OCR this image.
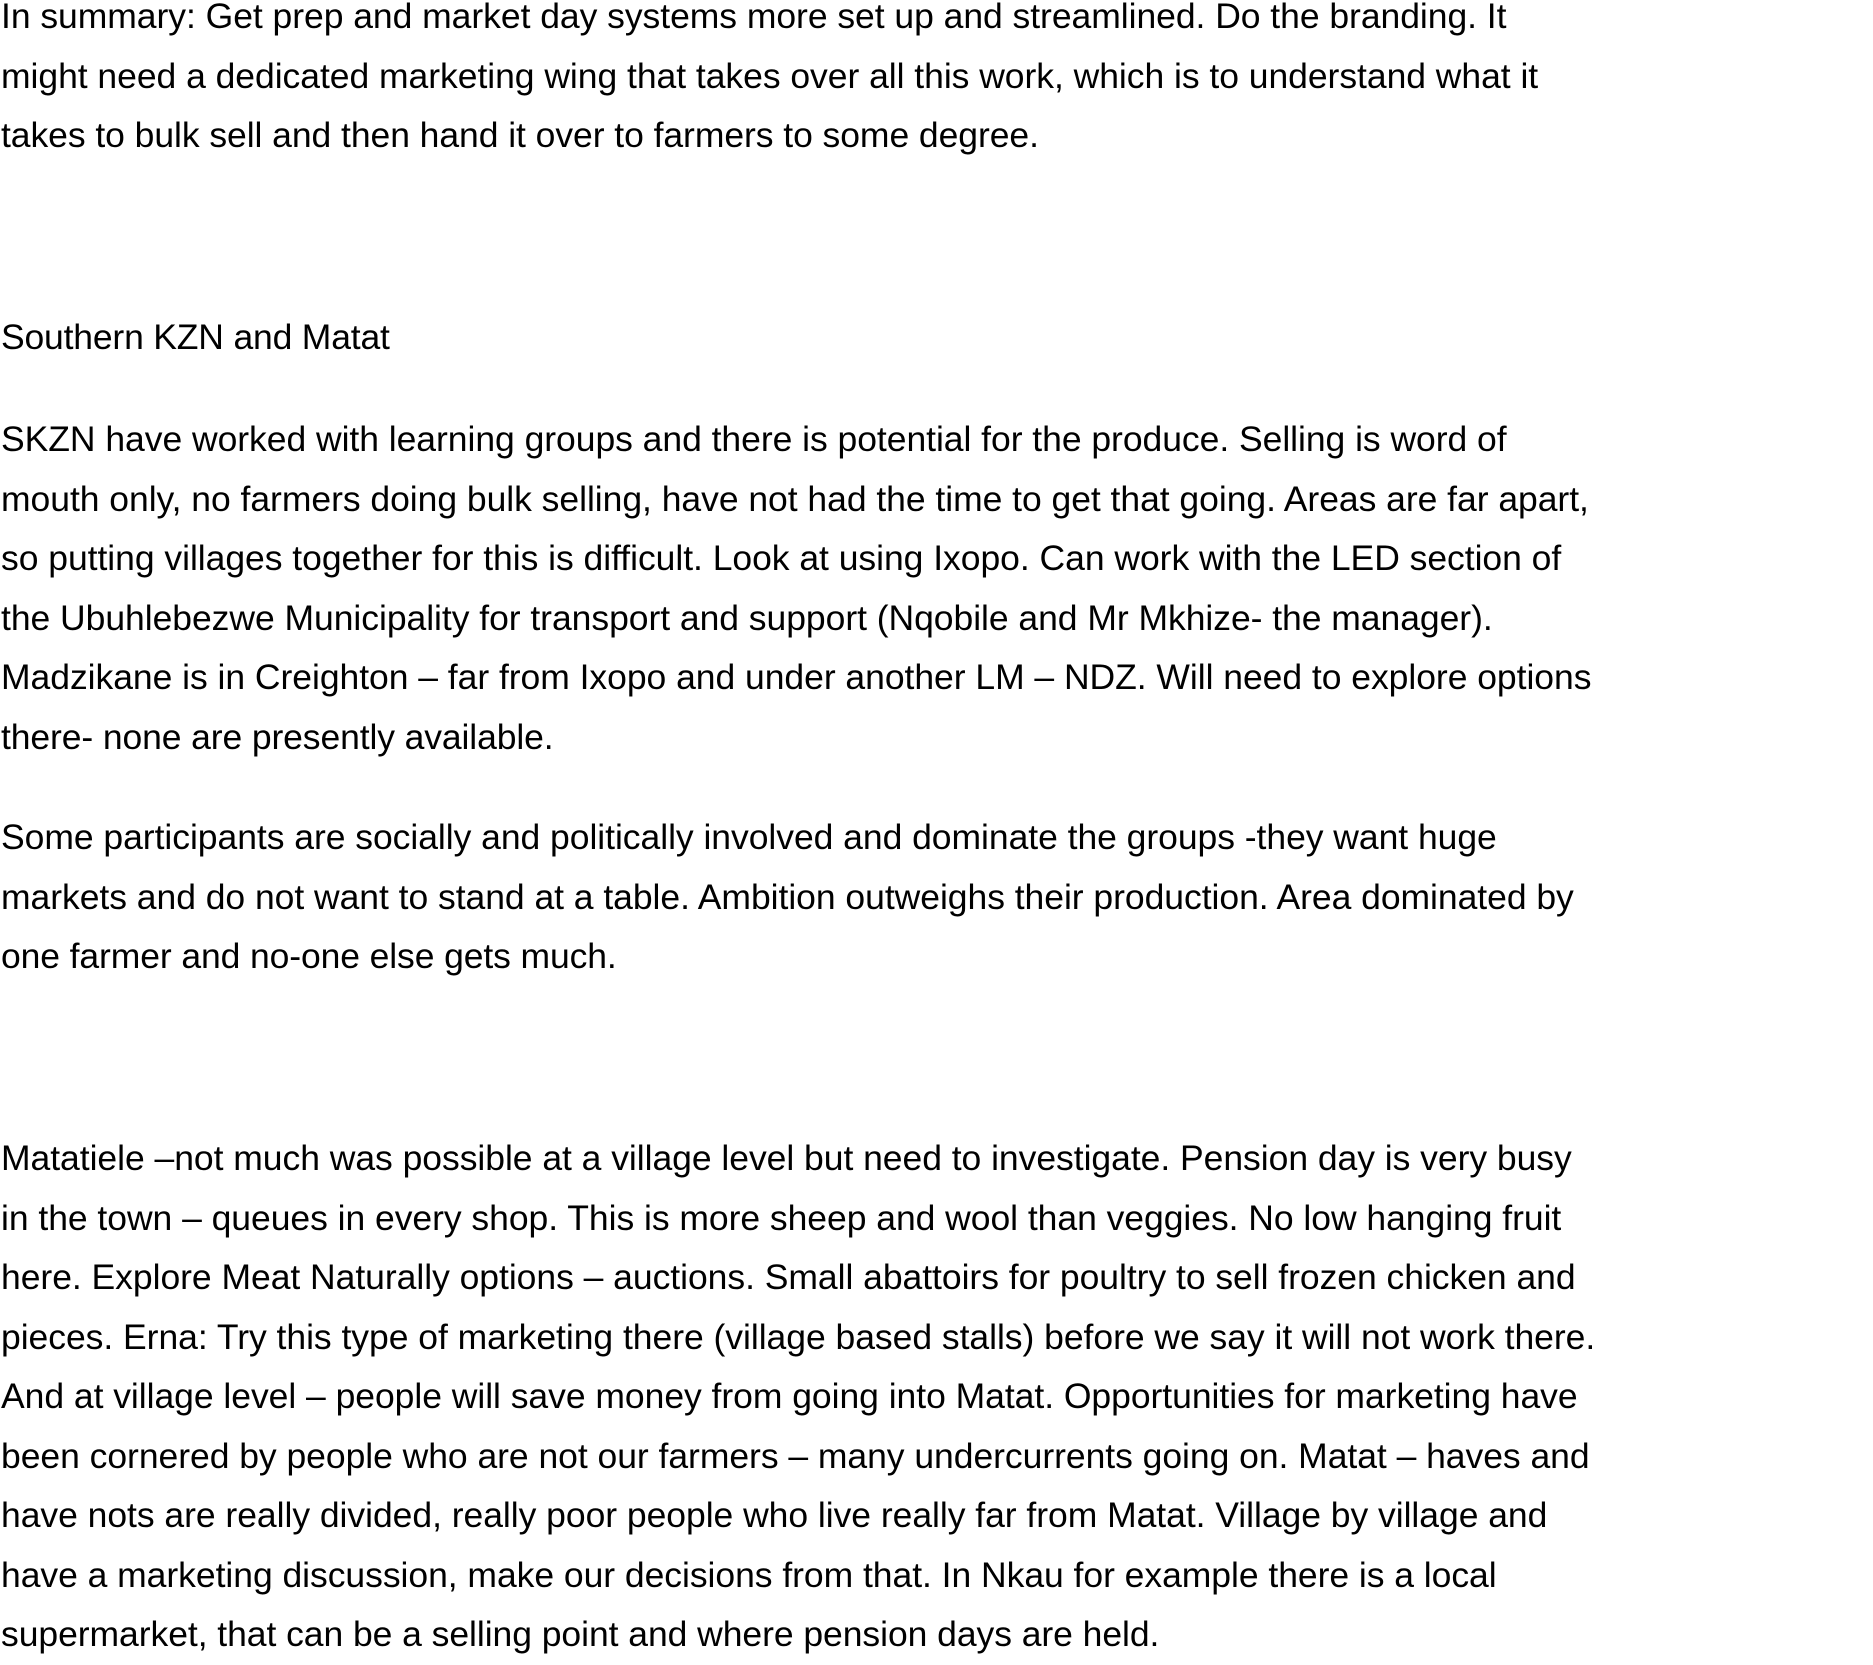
In summary: Get prep and market day systems more set up and streamlined. Do the branding. It
might need a dedicated marketing wing that takes over all this work, which is to understand what it
takes to bulk sell and then hand it over to farmers to some degree.
Southern KZN and Matat
SKZN have worked with learning groups and there is potential for the produce. Selling is word of
mouth only, no farmers doing bulk selling, have not had the time to get that going. Areas are far apart,
so putting villages together for this is difficult. Look at using Ixopo. Can work with the LED section of
the Ubuhlebezwe Municipality for transport and support (Nqobile and Mr Mkhize- the manager).
Madzikane is in Creighton – far from Ixopo and under another LM – NDZ. Will need to explore options
there- none are presently available.
Some participants are socially and politically involved and dominate the groups -they want huge
markets and do not want to stand at a table. Ambition outweighs their production. Area dominated by
one farmer and no-one else gets much.
Matatiele –not much was possible at a village level but need to investigate. Pension day is very busy
in the town – queues in every shop. This is more sheep and wool than veggies. No low hanging fruit
here. Explore Meat Naturally options – auctions. Small abattoirs for poultry to sell frozen chicken and
pieces. Erna: Try this type of marketing there (village based stalls) before we say it will not work there.
And at village level – people will save money from going into Matat. Opportunities for marketing have
been cornered by people who are not our farmers – many undercurrents going on. Matat – haves and
have nots are really divided, really poor people who live really far from Matat. Village by village and
have a marketing discussion, make our decisions from that. In Nkau for example there is a local
supermarket, that can be a selling point and where pension days are held.
